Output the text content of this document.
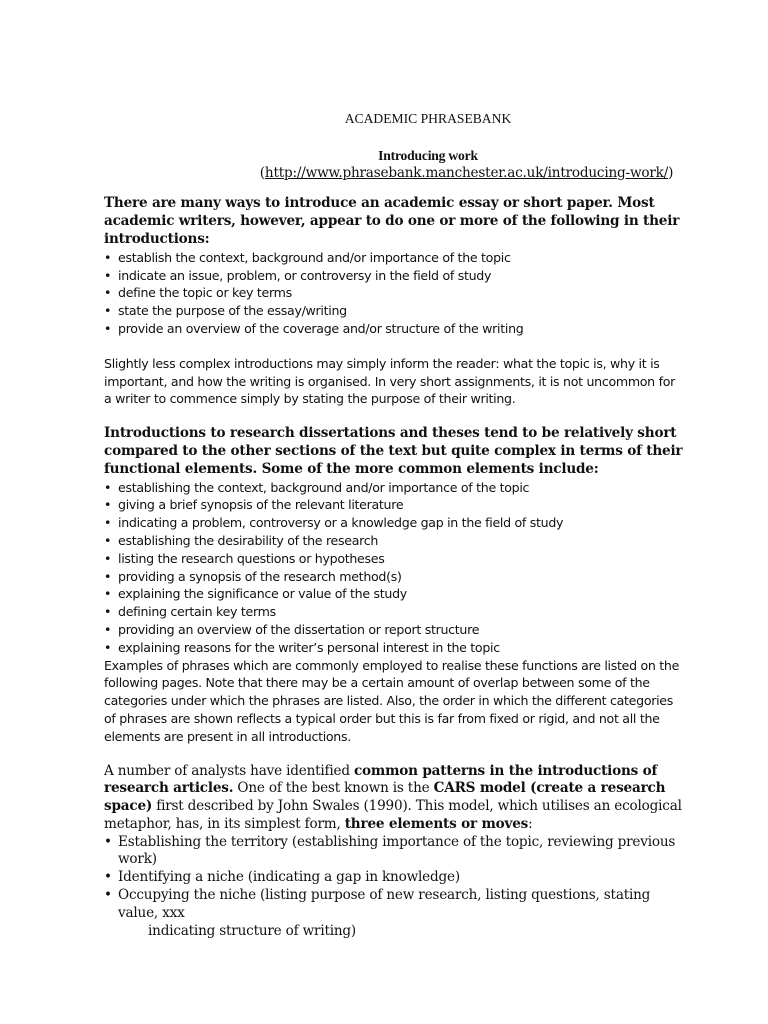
ACADEMIC PHRASEBANK
Introducing work

(http://www.phrasebank.manchester.ac.uk/introducing-work/)

There are many ways to introduce an academic essay or short paper. Most academic writers, however, appear to do one or more of the following in their introductions:

• establish the context, background and/or importance of the topic
• indicate an issue, problem, or controversy in the field of study
• define the topic or key terms
• state the purpose of the essay/writing
• provide an overview of the coverage and/or structure of the writing

Slightly less complex introductions may simply inform the reader: what the topic is, why it is important, and how the writing is organised. In very short assignments, it is not uncommon for a writer to commence simply by stating the purpose of their writing.

Introductions to research dissertations and theses tend to be relatively short compared to the other sections of the text but quite complex in terms of their functional elements. Some of the more common elements include:

• establishing the context, background and/or importance of the topic
• giving a brief synopsis of the relevant literature
• indicating a problem, controversy or a knowledge gap in the field of study
• establishing the desirability of the research
• listing the research questions or hypotheses
• providing a synopsis of the research method(s)
• explaining the significance or value of the study
• defining certain key terms
• providing an overview of the dissertation or report structure
• explaining reasons for the writer’s personal interest in the topic

Examples of phrases which are commonly employed to realise these functions are listed on the following pages. Note that there may be a certain amount of overlap between some of the categories under which the phrases are listed. Also, the order in which the different categories of phrases are shown reflects a typical order but this is far from fixed or rigid, and not all the elements are present in all introductions.

A number of analysts have identified common patterns in the introductions of research articles. One of the best known is the CARS model (create a research space) first described by John Swales (1990). This model, which utilises an ecological metaphor, has, in its simplest form, three elements or moves:

• Establishing the territory (establishing importance of the topic, reviewing previous work)
• Identifying a niche (indicating a gap in knowledge)
• Occupying the niche (listing purpose of new research, listing questions, stating value, xxx

indicating structure of writing)
